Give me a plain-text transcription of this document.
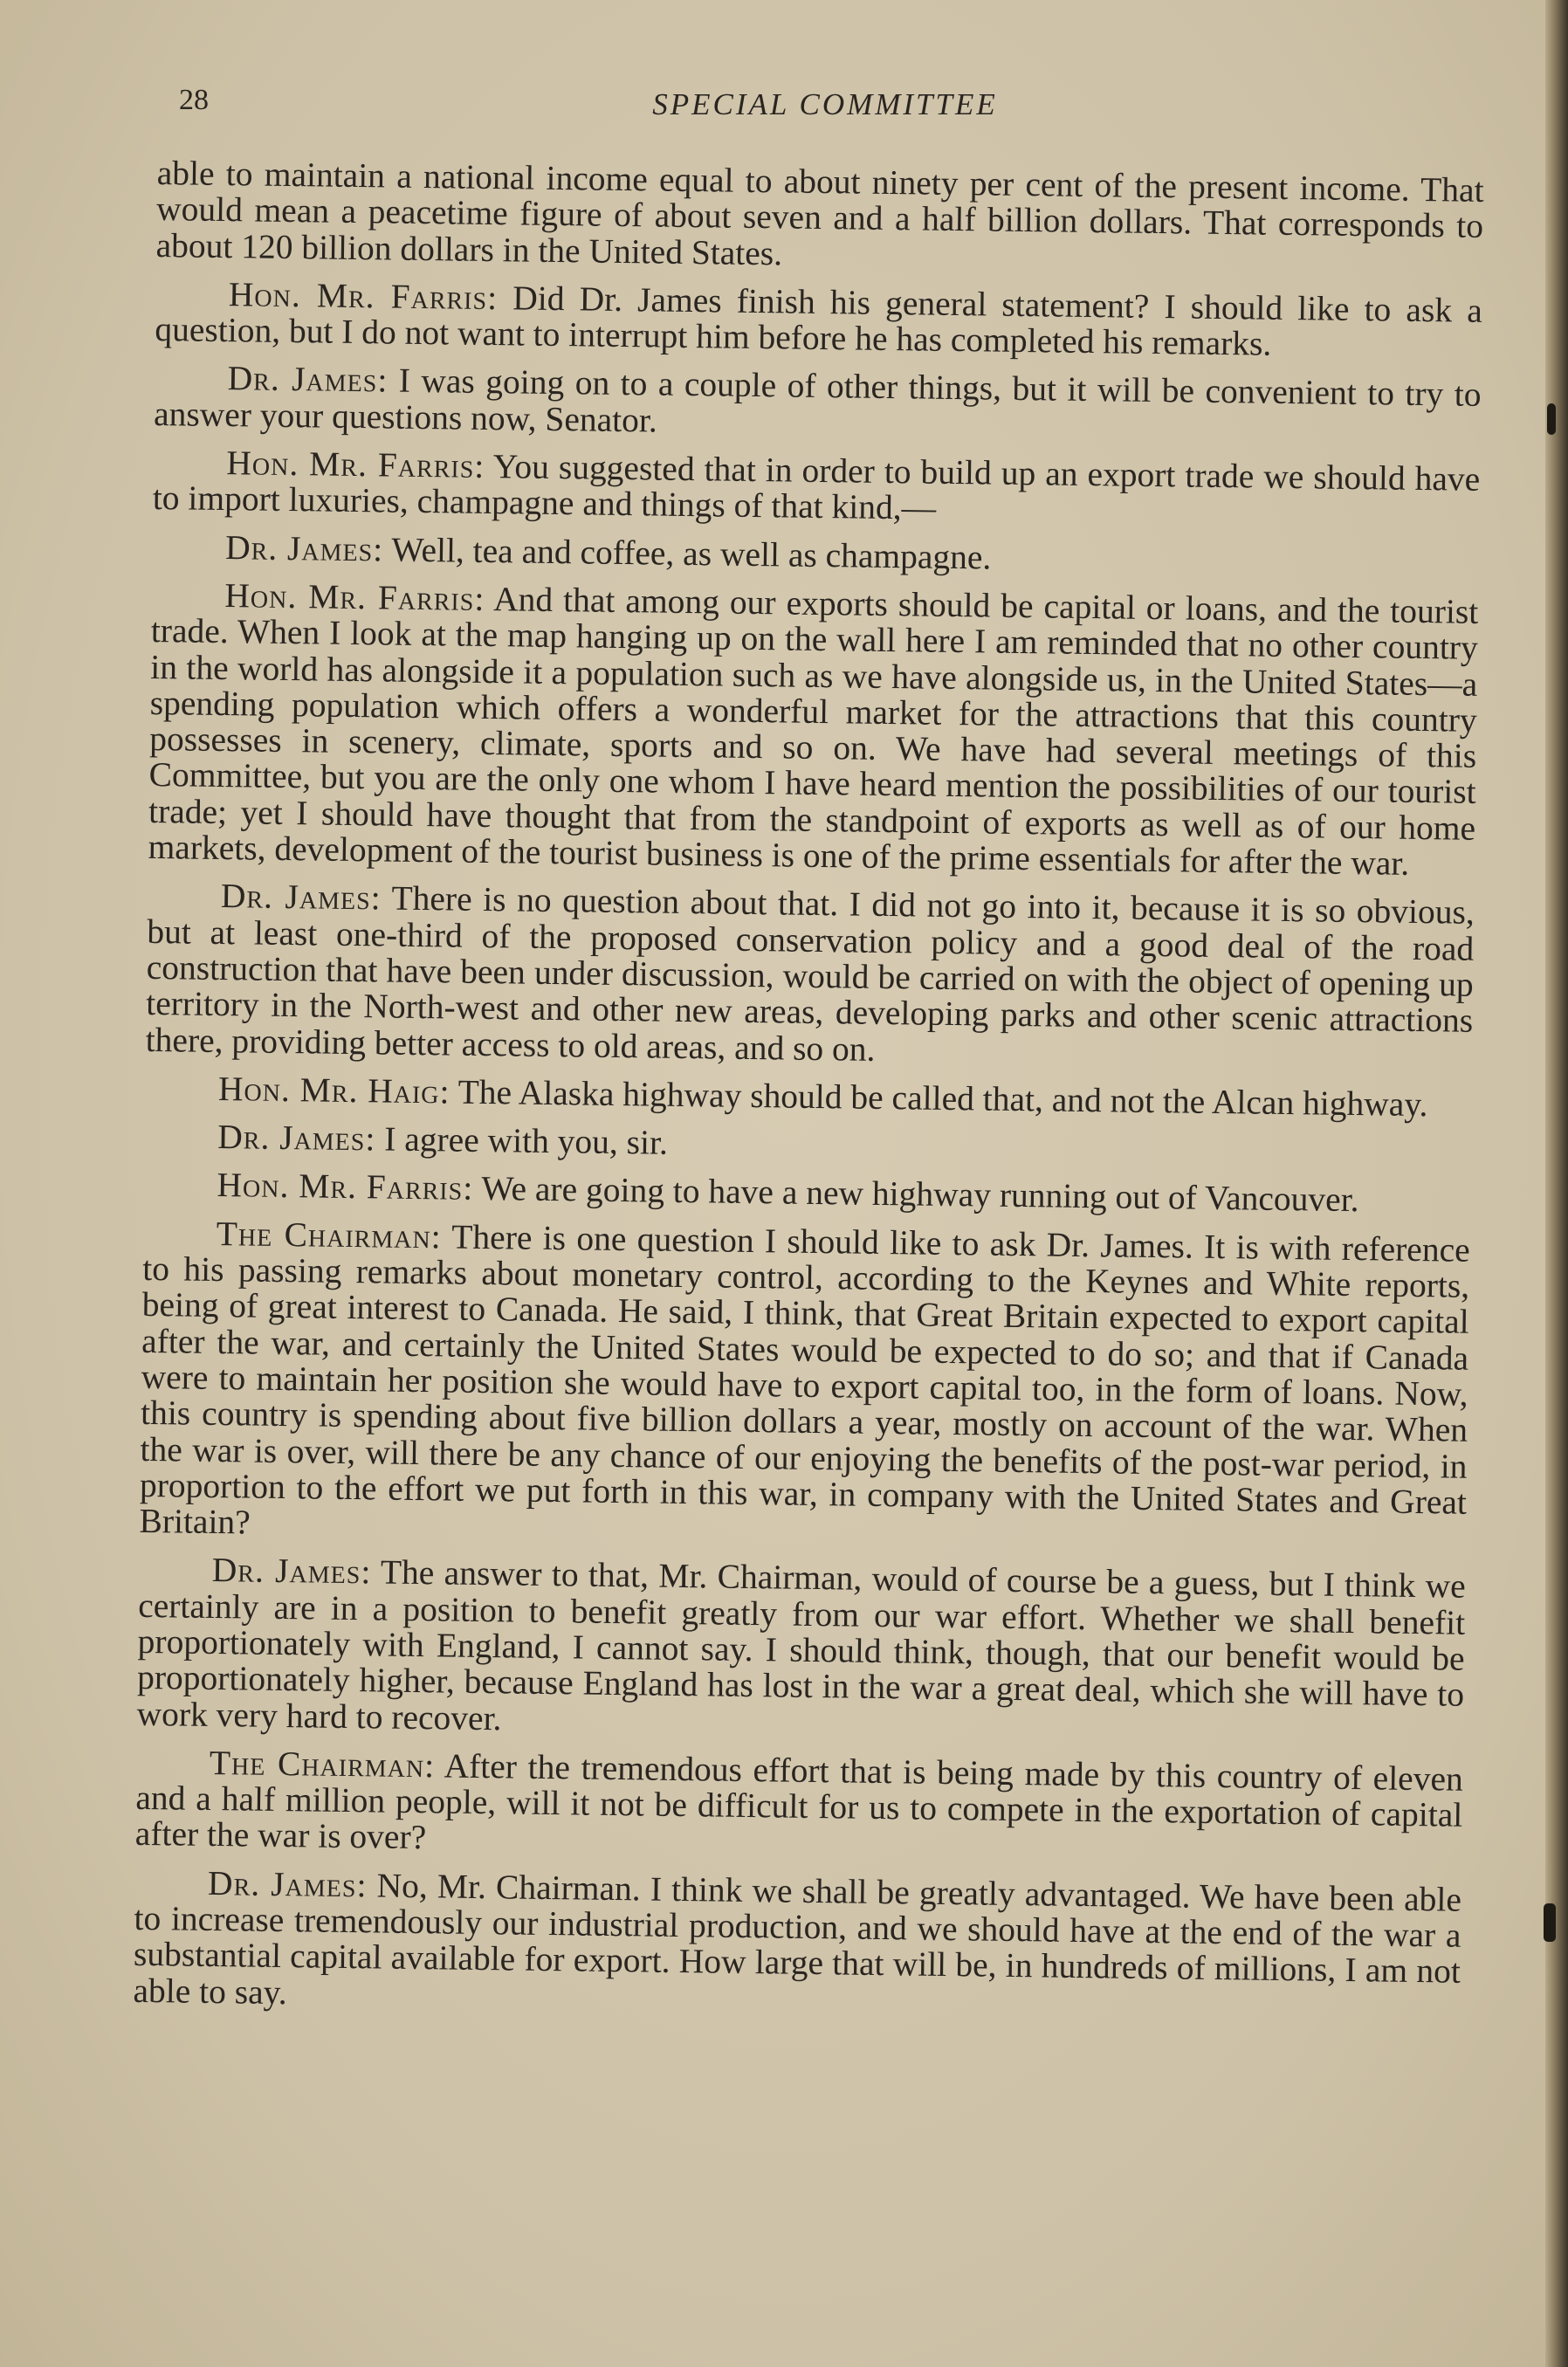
28	SPECIAL COMMITTEE

able to maintain a national income equal to about ninety per cent of the present income. That would mean a peacetime figure of about seven and a half billion dollars. That corresponds to about 120 billion dollars in the United States.

Hon. Mr. Farris: Did Dr. James finish his general statement? I should like to ask a question, but I do not want to interrupt him before he has completed his remarks.

Dr. James: I was going on to a couple of other things, but it will be convenient to try to answer your questions now, Senator.

Hon. Mr. Farris: You suggested that in order to build up an export trade we should have to import luxuries, champagne and things of that kind,—

Dr. James: Well, tea and coffee, as well as champagne.

Hon. Mr. Farris: And that among our exports should be capital or loans, and the tourist trade. When I look at the map hanging up on the wall here I am reminded that no other country in the world has alongside it a population such as we have alongside us, in the United States—a spending population which offers a wonderful market for the attractions that this country possesses in scenery, climate, sports and so on. We have had several meetings of this Committee, but you are the only one whom I have heard mention the possibilities of our tourist trade; yet I should have thought that from the standpoint of exports as well as of our home markets, development of the tourist business is one of the prime essentials for after the war.

Dr. James: There is no question about that. I did not go into it, because it is so obvious, but at least one-third of the proposed conservation policy and a good deal of the road construction that have been under discussion, would be carried on with the object of opening up territory in the North-west and other new areas, developing parks and other scenic attractions there, providing better access to old areas, and so on.

Hon. Mr. Haig: The Alaska highway should be called that, and not the Alcan highway.

Dr. James: I agree with you, sir.

Hon. Mr. Farris: We are going to have a new highway running out of Vancouver.

The Chairman: There is one question I should like to ask Dr. James. It is with reference to his passing remarks about monetary control, according to the Keynes and White reports, being of great interest to Canada. He said, I think, that Great Britain expected to export capital after the war, and certainly the United States would be expected to do so; and that if Canada were to maintain her position she would have to export capital too, in the form of loans. Now, this country is spending about five billion dollars a year, mostly on account of the war. When the war is over, will there be any chance of our enjoying the benefits of the post-war period, in proportion to the effort we put forth in this war, in company with the United States and Great Britain?

Dr. James: The answer to that, Mr. Chairman, would of course be a guess, but I think we certainly are in a position to benefit greatly from our war effort. Whether we shall benefit proportionately with England, I cannot say. I should think, though, that our benefit would be proportionately higher, because England has lost in the war a great deal, which she will have to work very hard to recover.

The Chairman: After the tremendous effort that is being made by this country of eleven and a half million people, will it not be difficult for us to compete in the exportation of capital after the war is over?

Dr. James: No, Mr. Chairman. I think we shall be greatly advantaged. We have been able to increase tremendously our industrial production, and we should have at the end of the war a substantial capital available for export. How large that will be, in hundreds of millions, I am not able to say.
